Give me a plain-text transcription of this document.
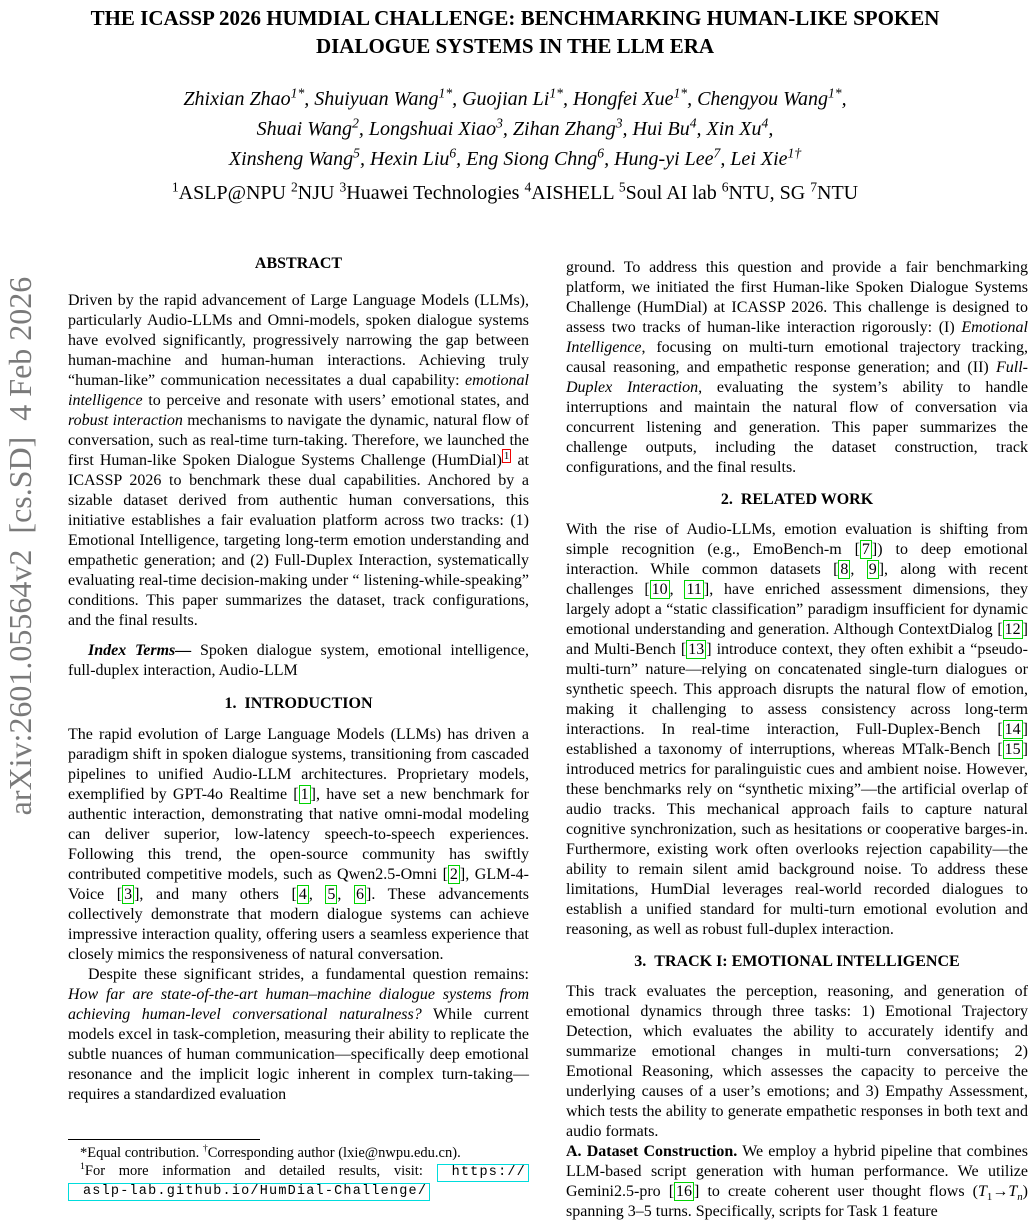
arXiv:2601.05564v2  [cs.SD]  4 Feb 2026
THE ICASSP 2026 HUMDIAL CHALLENGE: BENCHMARKING HUMAN-LIKE SPOKEN
DIALOGUE SYSTEMS IN THE LLM ERA
Zhixian Zhao$^{1*}$, Shuiyuan Wang$^{1*}$, Guojian $Li^{1*}$, Hongfei Xue$^{1*}$, Chengyou Wang$^{1*}$,
Shuai Wang$^2$, Longshuai Xiao$^3$, Zihan Zhang$^3$, Hui Bu$^4$, Xin Xu$^4$,
Xinsheng Wang$^5$, Hexin Liu$^6$, Eng Siong Chng$^6$, Hung-yi Lee$^7$, Lei Xie$^{1\dagger}$
$^1$ASLP@NPU $^2$NJU $^3$Huawei Technologies $^4$AISHELL $^5$Soul AI lab $^6$NTU, SG $^7$NTU
ABSTRACT

Driven by the rapid advancement of Large Language Models (LLMs), particularly Audio-LLMs and Omni-models, spoken dialogue systems have evolved significantly, progressively narrowing the gap between human-machine and human-human interactions. Achieving truly “human-like” communication necessitates a dual capability: emotional intelligence to perceive and resonate with users’ emotional states, and robust interaction mechanisms to navigate the dynamic, natural flow of conversation, such as real-time turn-taking. Therefore, we launched the first Human-like Spoken Dialogue Systems Challenge (HumDial) $^1$ at ICASSP 2026 to benchmark these dual capabilities. Anchored by a sizable dataset derived from authentic human conversations, this initiative establishes a fair evaluation platform across two tracks: (1) Emotional Intelligence, targeting long-term emotion understanding and empathetic generation; and (2) Full-Duplex Interaction, systematically evaluating real-time decision-making under “ listening-while-speaking” conditions. This paper summarizes the dataset, track configurations, and the final results.

Index Terms— Spoken dialogue system, emotional intelligence, full-duplex interaction, Audio-LLM

1.  INTRODUCTION

The rapid evolution of Large Language Models (LLMs) has driven a paradigm shift in spoken dialogue systems, transitioning from cascaded pipelines to unified Audio-LLM architectures. Proprietary models, exemplified by GPT-4o Realtime [ 1 ], have set a new benchmark for authentic interaction, demonstrating that native omni-modal modeling can deliver superior, low-latency speech-to-speech experiences. Following this trend, the open-source community has swiftly contributed competitive models, such as Qwen2.5-Omni [ 2 ], GLM-4-Voice [ 3 ], and many others [ 4 , 5 , 6 ]. These advancements collectively demonstrate that modern dialogue systems can achieve impressive interaction quality, offering users a seamless experience that closely mimics the responsiveness of natural conversation.

Despite these significant strides, a fundamental question remains: How far are state-of-the-art human–machine dialogue systems from achieving human-level conversational naturalness? While current models excel in task-completion, measuring their ability to replicate the subtle nuances of human communication—specifically deep emotional resonance and the implicit logic inherent in complex turn-taking—requires a standardized evaluation

ground. To address this question and provide a fair benchmarking platform, we initiated the first Human-like Spoken Dialogue Systems Challenge (HumDial) at ICASSP 2026. This challenge is designed to assess two tracks of human-like interaction rigorously: (I) Emotional Intelligence, focusing on multi-turn emotional trajectory tracking, causal reasoning, and empathetic response generation; and (II) Full-Duplex Interaction, evaluating the system’s ability to handle interruptions and maintain the natural flow of conversation via concurrent listening and generation. This paper summarizes the challenge outputs, including the dataset construction, track configurations, and the final results.

2.  RELATED WORK

With the rise of Audio-LLMs, emotion evaluation is shifting from simple recognition (e.g., EmoBench-m [ 7 ]) to deep emotional interaction. While common datasets [ 8 , 9 ], along with recent challenges [ 10 , 11 ], have enriched assessment dimensions, they largely adopt a “static classification” paradigm insufficient for dynamic emotional understanding and generation. Although ContextDialog [ 12 ] and Multi-Bench [ 13 ] introduce context, they often exhibit a “pseudo-multi-turn” nature—relying on concatenated single-turn dialogues or synthetic speech. This approach disrupts the natural flow of emotion, making it challenging to assess consistency across long-term interactions. In real-time interaction, Full-Duplex-Bench [ 14 ] established a taxonomy of interruptions, whereas MTalk-Bench [ 15 ] introduced metrics for paralinguistic cues and ambient noise. However, these benchmarks rely on “synthetic mixing”—the artificial overlap of audio tracks. This mechanical approach fails to capture natural cognitive synchronization, such as hesitations or cooperative barges-in. Furthermore, existing work often overlooks rejection capability—the ability to remain silent amid background noise. To address these limitations, HumDial leverages real-world recorded dialogues to establish a unified standard for multi-turn emotional evolution and reasoning, as well as robust full-duplex interaction.

3.  TRACK I: EMOTIONAL INTELLIGENCE

This track evaluates the perception, reasoning, and generation of emotional dynamics through three tasks: 1) Emotional Trajectory Detection, which evaluates the ability to accurately identify and summarize emotional changes in multi-turn conversations; 2) Emotional Reasoning, which assesses the capacity to perceive the underlying causes of a user’s emotions; and 3) Empathy Assessment, which tests the ability to generate empathetic responses in both text and audio formats.

A. Dataset Construction. We employ a hybrid pipeline that combines LLM-based script generation with human performance. We utilize Gemini2.5-pro [ 16 ] to create coherent user thought flows $(T_1\to T_n)$ spanning 3–5 turns. Specifically, scripts for Task 1 feature

*Equal contribution. †Corresponding author (lxie@nwpu.edu.cn).

$^1$For more information and detailed results, visit: https://aslp-lab.github.io/HumDial-Challenge/
